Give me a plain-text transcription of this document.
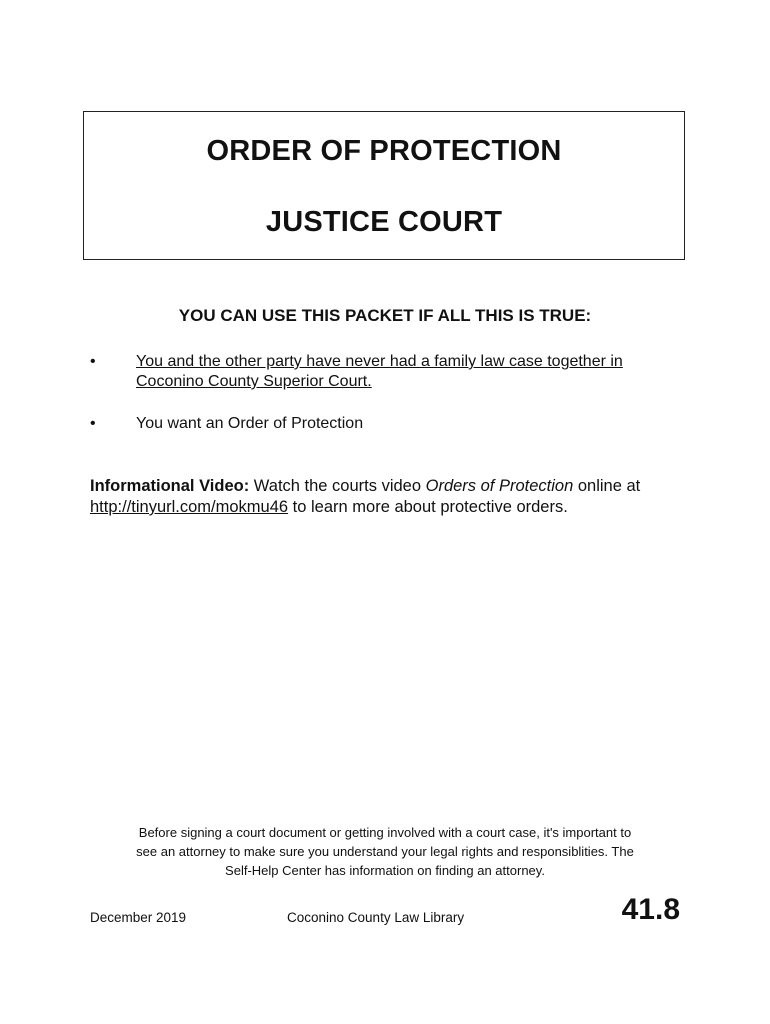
ORDER OF PROTECTION
JUSTICE COURT
YOU CAN USE THIS PACKET IF ALL THIS IS TRUE:
•	You and the other party have never had a family law case together in
Coconino County Superior Court.
•	You want an Order of Protection
Informational Video: Watch the courts video Orders of Protection online at
http://tinyurl.com/mokmu46 to learn more about protective orders.
Before signing a court document or getting involved with a court case, it's important to
see an attorney to make sure you understand your legal rights and responsiblities. The
Self-Help Center has information on finding an attorney.
December 2019	Coconino County Law Library	41.8
